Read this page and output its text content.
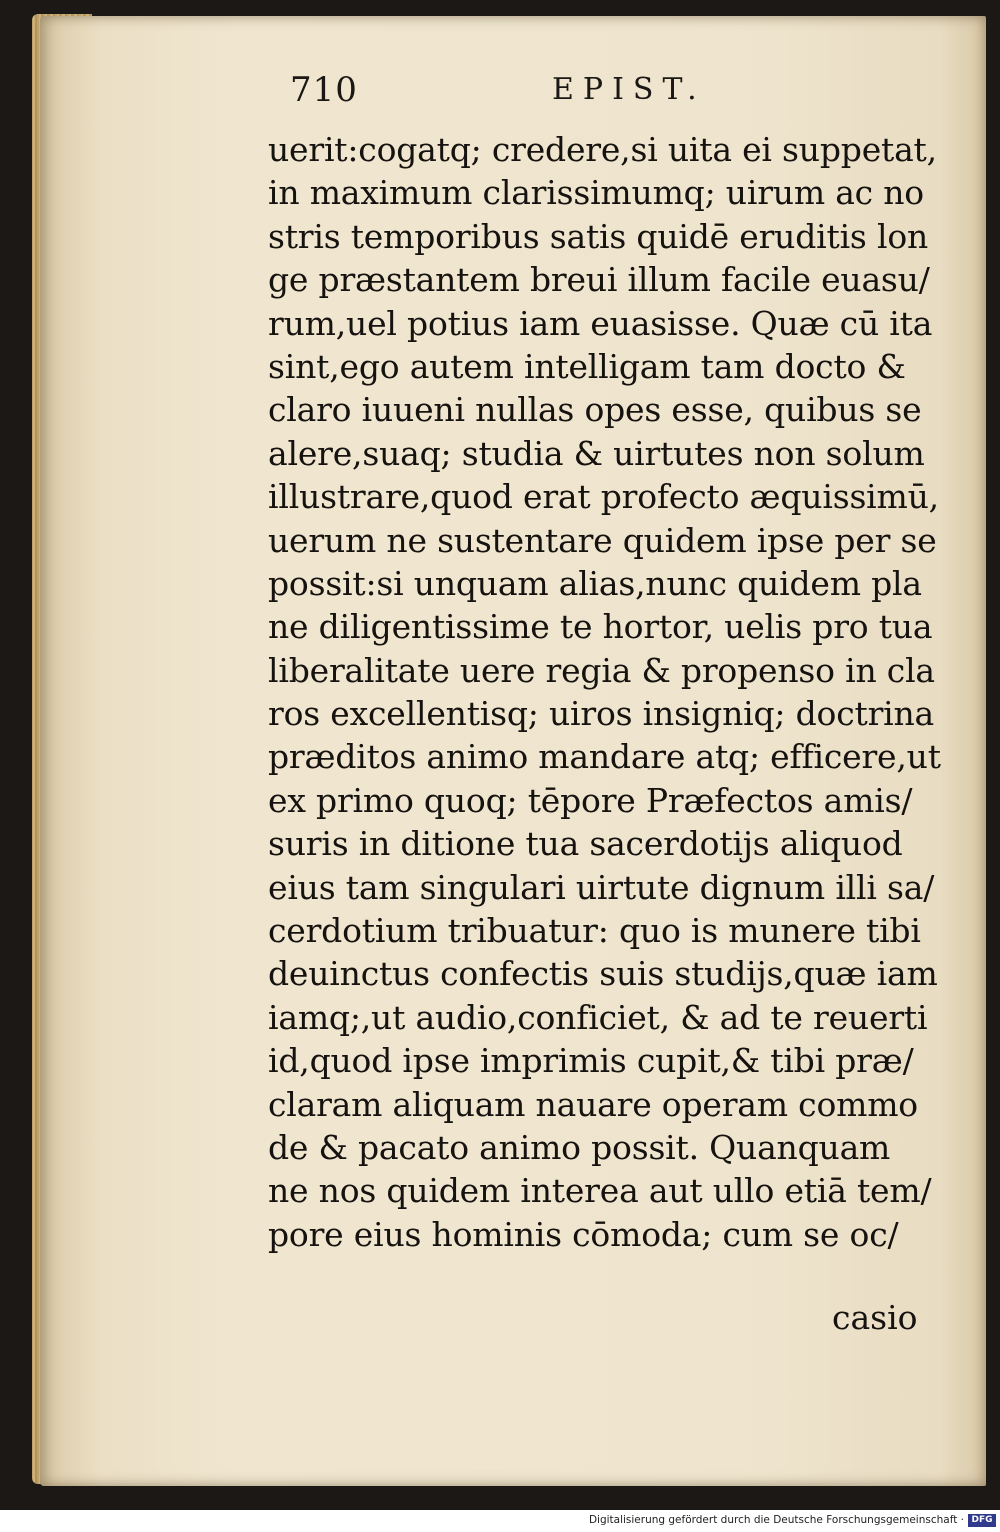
710	EPIST.
uerit:cogatq; credere,si uita ei suppetat,
in maximum clarissimumq; uirum ac no
stris temporibus satis quidē eruditis lon
ge præstantem breui illum facile euasu/
rum,uel potius iam euasisse. Quæ cū ita
sint,ego autem intelligam tam docto &
claro iuueni nullas opes esse, quibus se
alere,suaq; studia & uirtutes non solum
illustrare,quod erat profecto æquissimū,
uerum ne sustentare quidem ipse per se
possit:si unquam alias,nunc quidem pla
ne diligentissime te hortor, uelis pro tua
liberalitate uere regia & propenso in cla
ros excellentisq; uiros insigniq; doctrina
præditos animo mandare atq; efficere,ut
ex primo quoq; tēpore Præfectos amis/
suris in ditione tua sacerdotijs aliquod
eius tam singulari uirtute dignum illi sa/
cerdotium tribuatur: quo is munere tibi
deuinctus confectis suis studijs,quæ iam
iamq;,ut audio,conficiet, & ad te reuerti
id,quod ipse imprimis cupit,& tibi præ/
claram aliquam nauare operam commo
de & pacato animo possit. Quanquam
ne nos quidem interea aut ullo etiā tem/
pore eius hominis cōmoda; cum se oc/
casio
Digitalisierung gefördert durch die Deutsche Forschungsgemeinschaft · DFG
